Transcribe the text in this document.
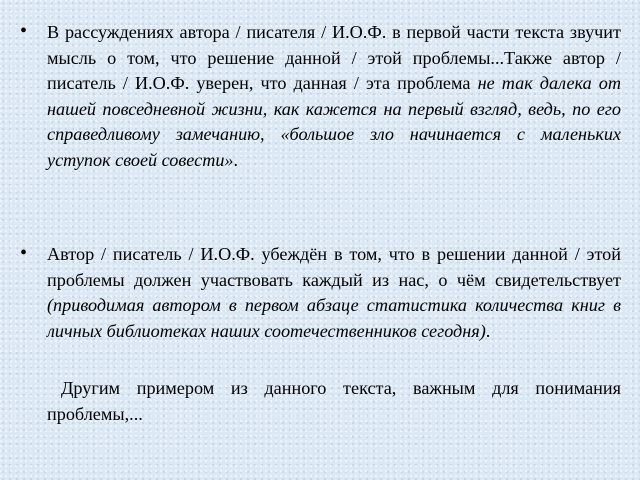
• В рассуждениях автора / писателя / И.О.Ф. в первой части текста звучит мысль о том, что решение данной / этой проблемы...Также автор / писатель / И.О.Ф. уверен, что данная / эта проблема не так далека от нашей повседневной жизни, как кажется на первый взгляд, ведь, по его справедливому замечанию, «большое зло начинается с маленьких уступок своей совести».
• Автор / писатель / И.О.Ф. убеждён в том, что в решении данной / этой проблемы должен участвовать каждый из нас, о чём свидетельствует (приводимая автором в первом абзаце статистика количества книг в личных библиотеках наших соотечественников сегодня).
Другим примером из данного текста, важным для понимания проблемы,...
